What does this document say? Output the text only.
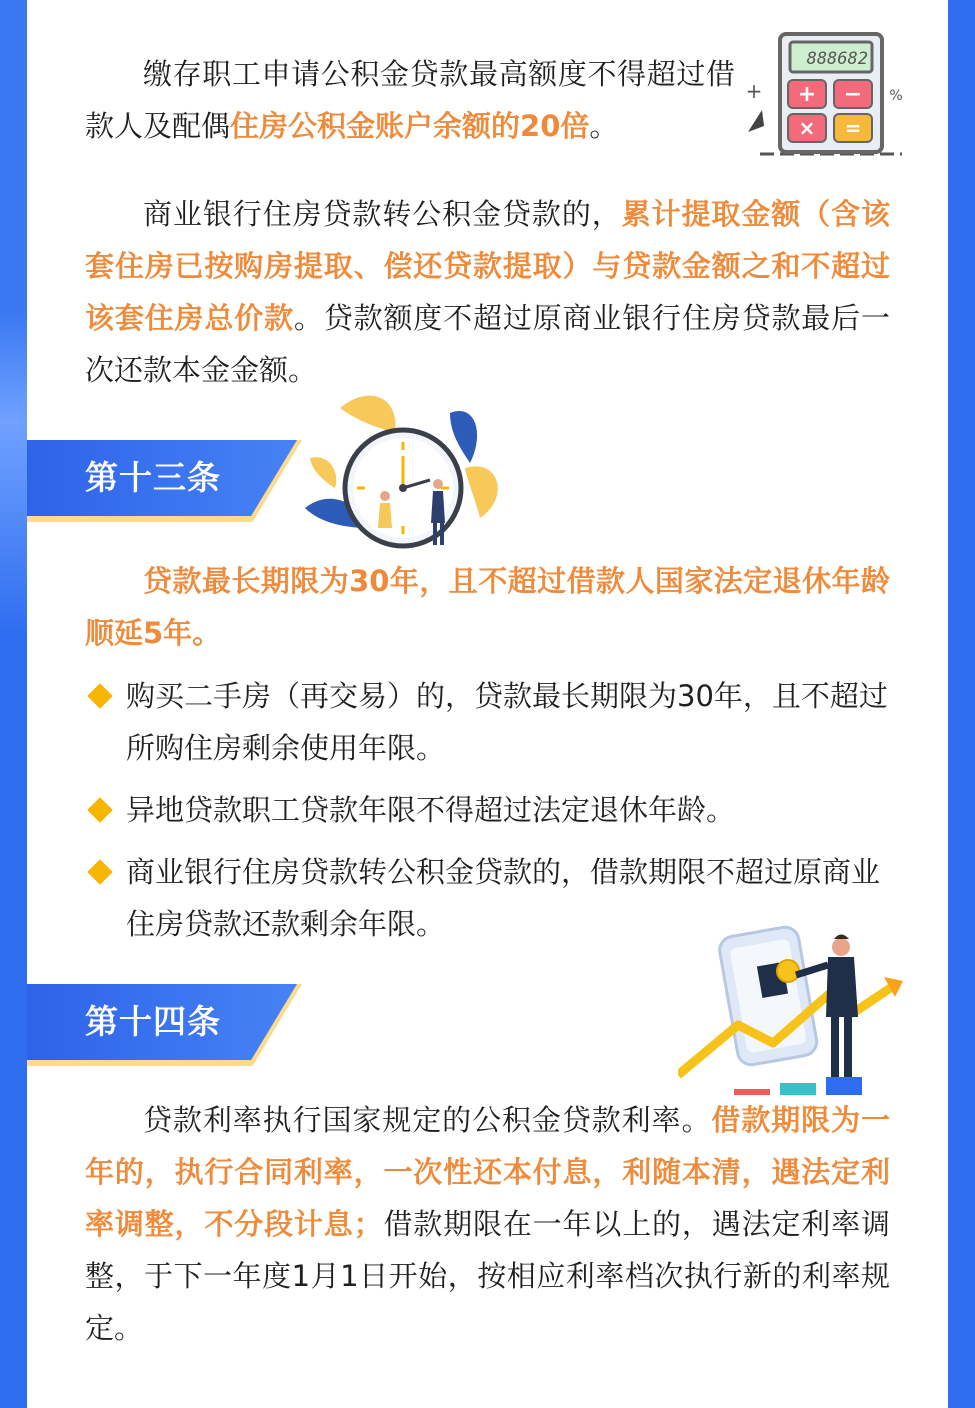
缴存职工申请公积金贷款最高额度不得超过借款人及配偶住房公积金账户余额的20倍。

888682
+ −
× =
+	%

商业银行住房贷款转公积金贷款的，累计提取金额（含该套住房已按购房提取、偿还贷款提取）与贷款金额之和不超过该套住房总价款。贷款额度不超过原商业银行住房贷款最后一次还款本金金额。

第十三条

贷款最长期限为30年，且不超过借款人国家法定退休年龄顺延5年。

购买二手房（再交易）的，贷款最长期限为30年，且不超过所购住房剩余使用年限。
异地贷款职工贷款年限不得超过法定退休年龄。
商业银行住房贷款转公积金贷款的，借款期限不超过原商业住房贷款还款剩余年限。
第十四条

贷款利率执行国家规定的公积金贷款利率。借款期限为一年的，执行合同利率，一次性还本付息，利随本清，遇法定利率调整，不分段计息；借款期限在一年以上的，遇法定利率调整，于下一年度1月1日开始，按相应利率档次执行新的利率规定。
